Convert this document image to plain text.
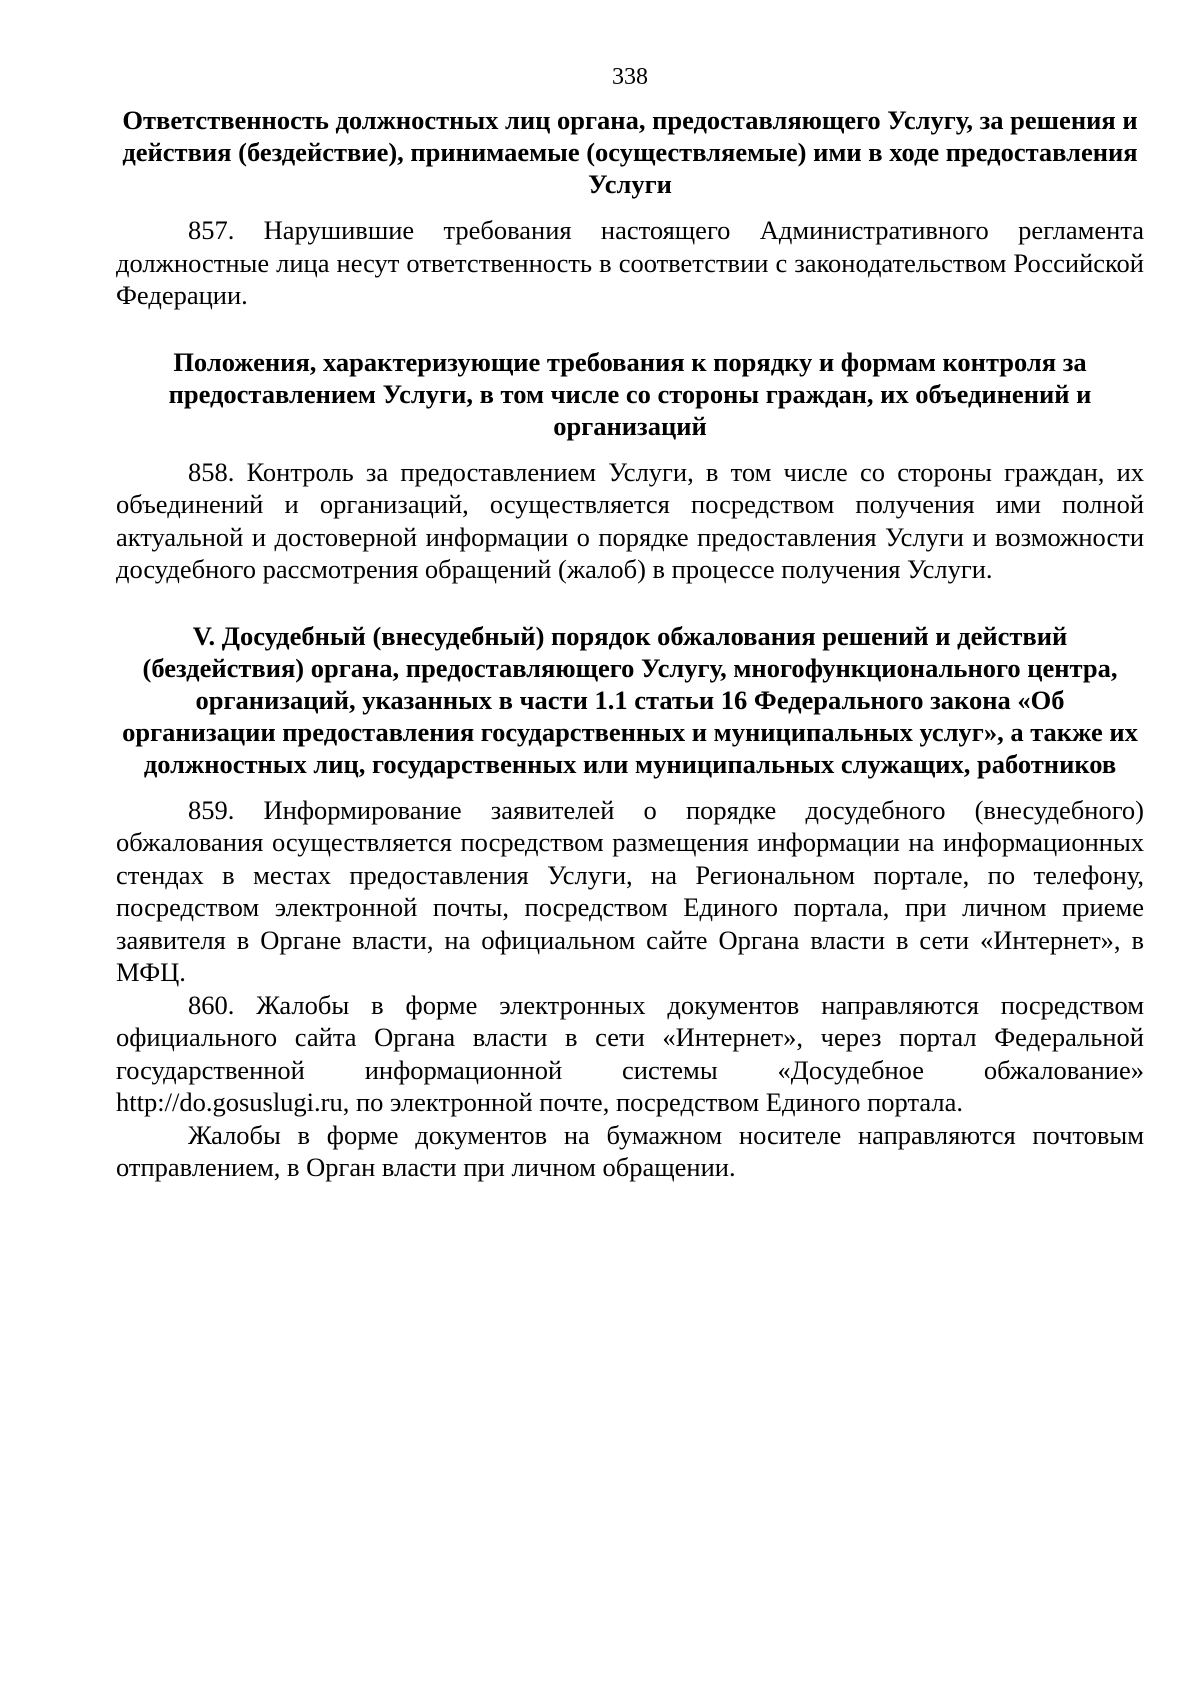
338
Ответственность должностных лиц органа, предоставляющего Услугу, за решения и действия (бездействие), принимаемые (осуществляемые) ими в ходе предоставления Услуги

857. Нарушившие требования настоящего Административного регламента должностные лица несут ответственность в соответствии с законодательством Российской Федерации.

Положения, характеризующие требования к порядку и формам контроля за предоставлением Услуги, в том числе со стороны граждан, их объединений и организаций

858. Контроль за предоставлением Услуги, в том числе со стороны граждан, их объединений и организаций, осуществляется посредством получения ими полной актуальной и достоверной информации о порядке предоставления Услуги и возможности досудебного рассмотрения обращений (жалоб) в процессе получения Услуги.

V. Досудебный (внесудебный) порядок обжалования решений и действий (бездействия) органа, предоставляющего Услугу, многофункционального центра, организаций, указанных в части 1.1 статьи 16 Федерального закона «Об организации предоставления государственных и муниципальных услуг», а также их должностных лиц, государственных или муниципальных служащих, работников

859. Информирование заявителей о порядке досудебного (внесудебного) обжалования осуществляется посредством размещения информации на информационных стендах в местах предоставления Услуги, на Региональном портале, по телефону, посредством электронной почты, посредством Единого портала, при личном приеме заявителя в Органе власти, на официальном сайте Органа власти в сети «Интернет», в МФЦ.

860. Жалобы в форме электронных документов направляются посредством официального сайта Органа власти в сети «Интернет», через портал Федеральной государственной информационной системы «Досудебное обжалование» http://do.gosuslugi.ru, по электронной почте, посредством Единого портала.

Жалобы в форме документов на бумажном носителе направляются почтовым отправлением, в Орган власти при личном обращении.
